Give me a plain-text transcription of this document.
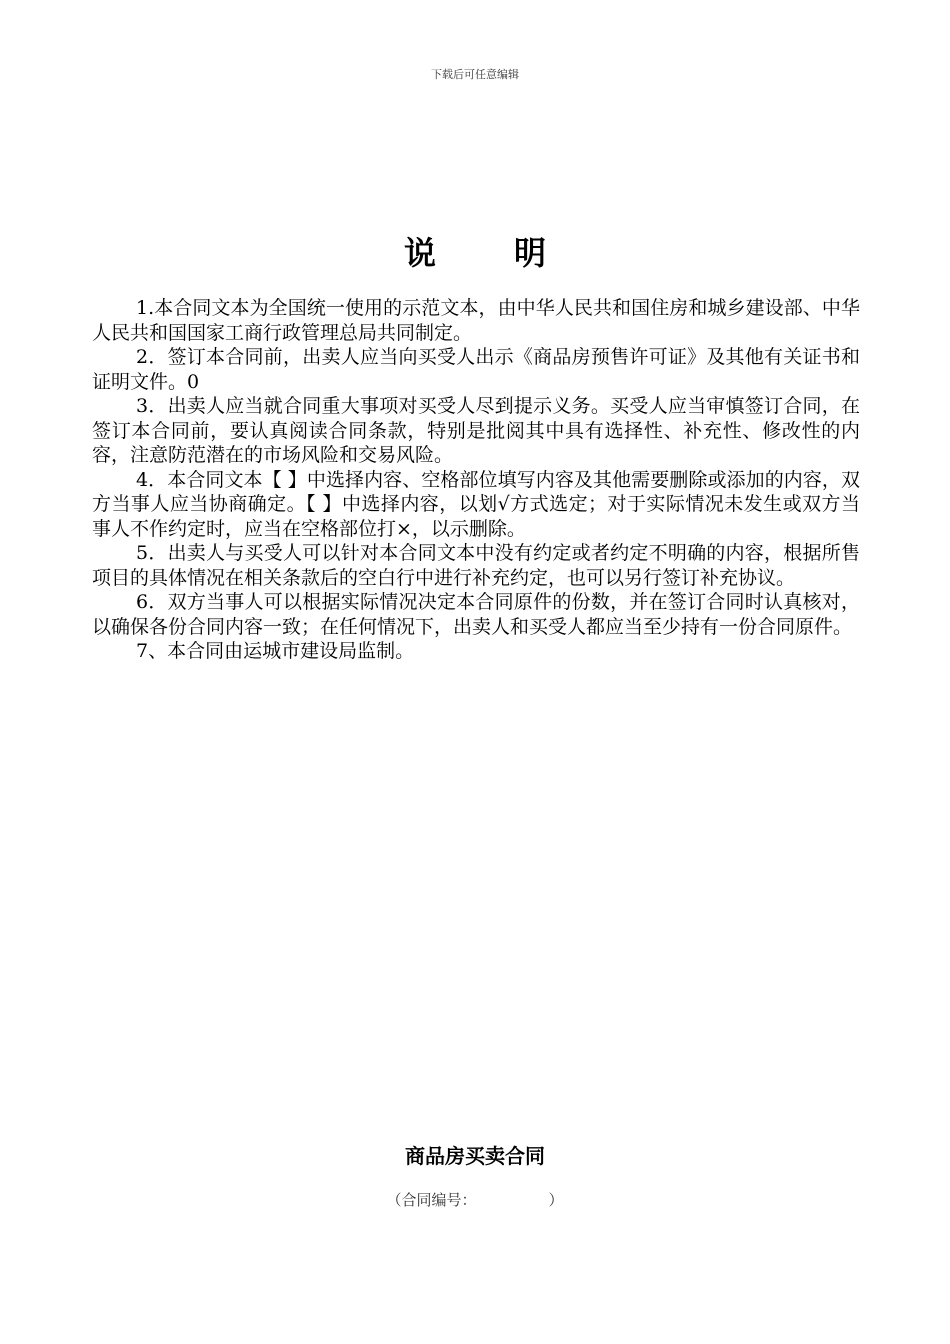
下载后可任意编辑
说明

1.本合同文本为全国统一使用的示范文本，由中华人民共和国住房和城乡建设部、中华人民共和国国家工商行政管理总局共同制定。

2．签订本合同前，出卖人应当向买受人出示《商品房预售许可证》及其他有关证书和证明文件。0

3．出卖人应当就合同重大事项对买受人尽到提示义务。买受人应当审慎签订合同，在签订本合同前，要认真阅读合同条款，特别是批阅其中具有选择性、补充性、修改性的内容，注意防范潜在的市场风险和交易风险。

4．本合同文本【 】中选择内容、空格部位填写内容及其他需要删除或添加的内容，双方当事人应当协商确定。【 】中选择内容，以划√方式选定；对于实际情况未发生或双方当事人不作约定时，应当在空格部位打×，以示删除。

5．出卖人与买受人可以针对本合同文本中没有约定或者约定不明确的内容，根据所售项目的具体情况在相关条款后的空白行中进行补充约定，也可以另行签订补充协议。

6．双方当事人可以根据实际情况决定本合同原件的份数，并在签订合同时认真核对，以确保各份合同内容一致；在任何情况下，出卖人和买受人都应当至少持有一份合同原件。

7、本合同由运城市建设局监制。

商品房买卖合同
（合同编号：	）
